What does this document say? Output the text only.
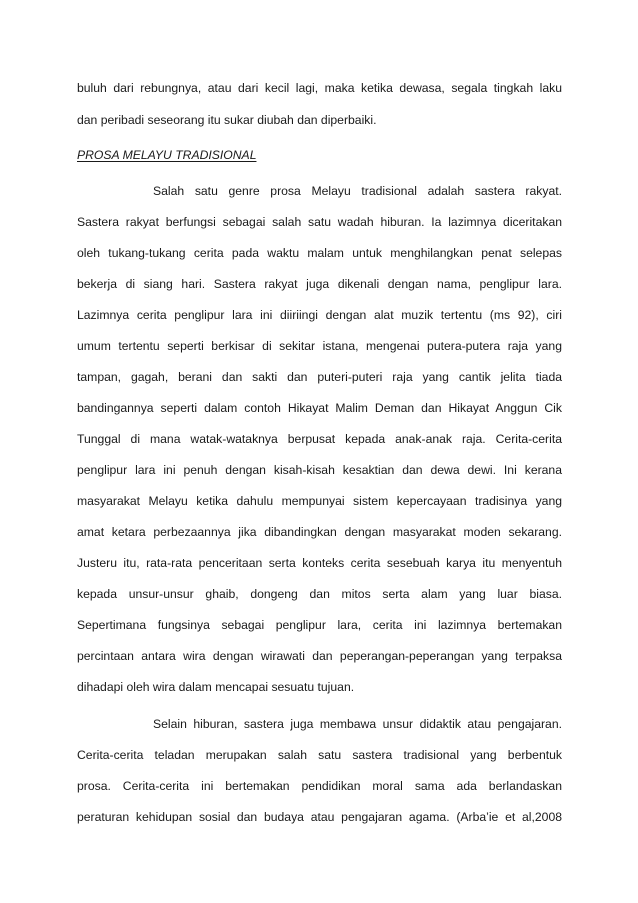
buluh dari rebungnya, atau dari kecil lagi, maka ketika dewasa, segala tingkah laku
dan peribadi seseorang itu sukar diubah dan diperbaiki.
PROSA MELAYU TRADISIONAL
Salah satu genre prosa Melayu tradisional adalah sastera rakyat.
Sastera rakyat berfungsi sebagai salah satu wadah hiburan. Ia lazimnya diceritakan
oleh tukang-tukang cerita pada waktu malam untuk menghilangkan penat selepas
bekerja di siang hari. Sastera rakyat juga dikenali dengan nama, penglipur lara.
Lazimnya cerita penglipur lara ini diiriingi dengan alat muzik tertentu (ms 92), ciri
umum tertentu seperti berkisar di sekitar istana, mengenai putera-putera raja yang
tampan, gagah, berani dan sakti dan puteri-puteri raja yang cantik jelita tiada
bandingannya seperti dalam contoh Hikayat Malim Deman dan Hikayat Anggun Cik
Tunggal di mana watak-wataknya berpusat kepada anak-anak raja. Cerita-cerita
penglipur lara ini penuh dengan kisah-kisah kesaktian dan dewa dewi. Ini kerana
masyarakat Melayu ketika dahulu mempunyai sistem kepercayaan tradisinya yang
amat ketara perbezaannya jika dibandingkan dengan masyarakat moden sekarang.
Justeru itu, rata-rata penceritaan serta konteks cerita sesebuah karya itu menyentuh
kepada unsur-unsur ghaib, dongeng dan mitos serta alam yang luar biasa.
Sepertimana fungsinya sebagai penglipur lara, cerita ini lazimnya bertemakan
percintaan antara wira dengan wirawati dan peperangan-peperangan yang terpaksa
dihadapi oleh wira dalam mencapai sesuatu tujuan.
Selain hiburan, sastera juga membawa unsur didaktik atau pengajaran.
Cerita-cerita teladan merupakan salah satu sastera tradisional yang berbentuk
prosa. Cerita-cerita ini bertemakan pendidikan moral sama ada berlandaskan
peraturan kehidupan sosial dan budaya atau pengajaran agama. (Arba’ie et al,2008
